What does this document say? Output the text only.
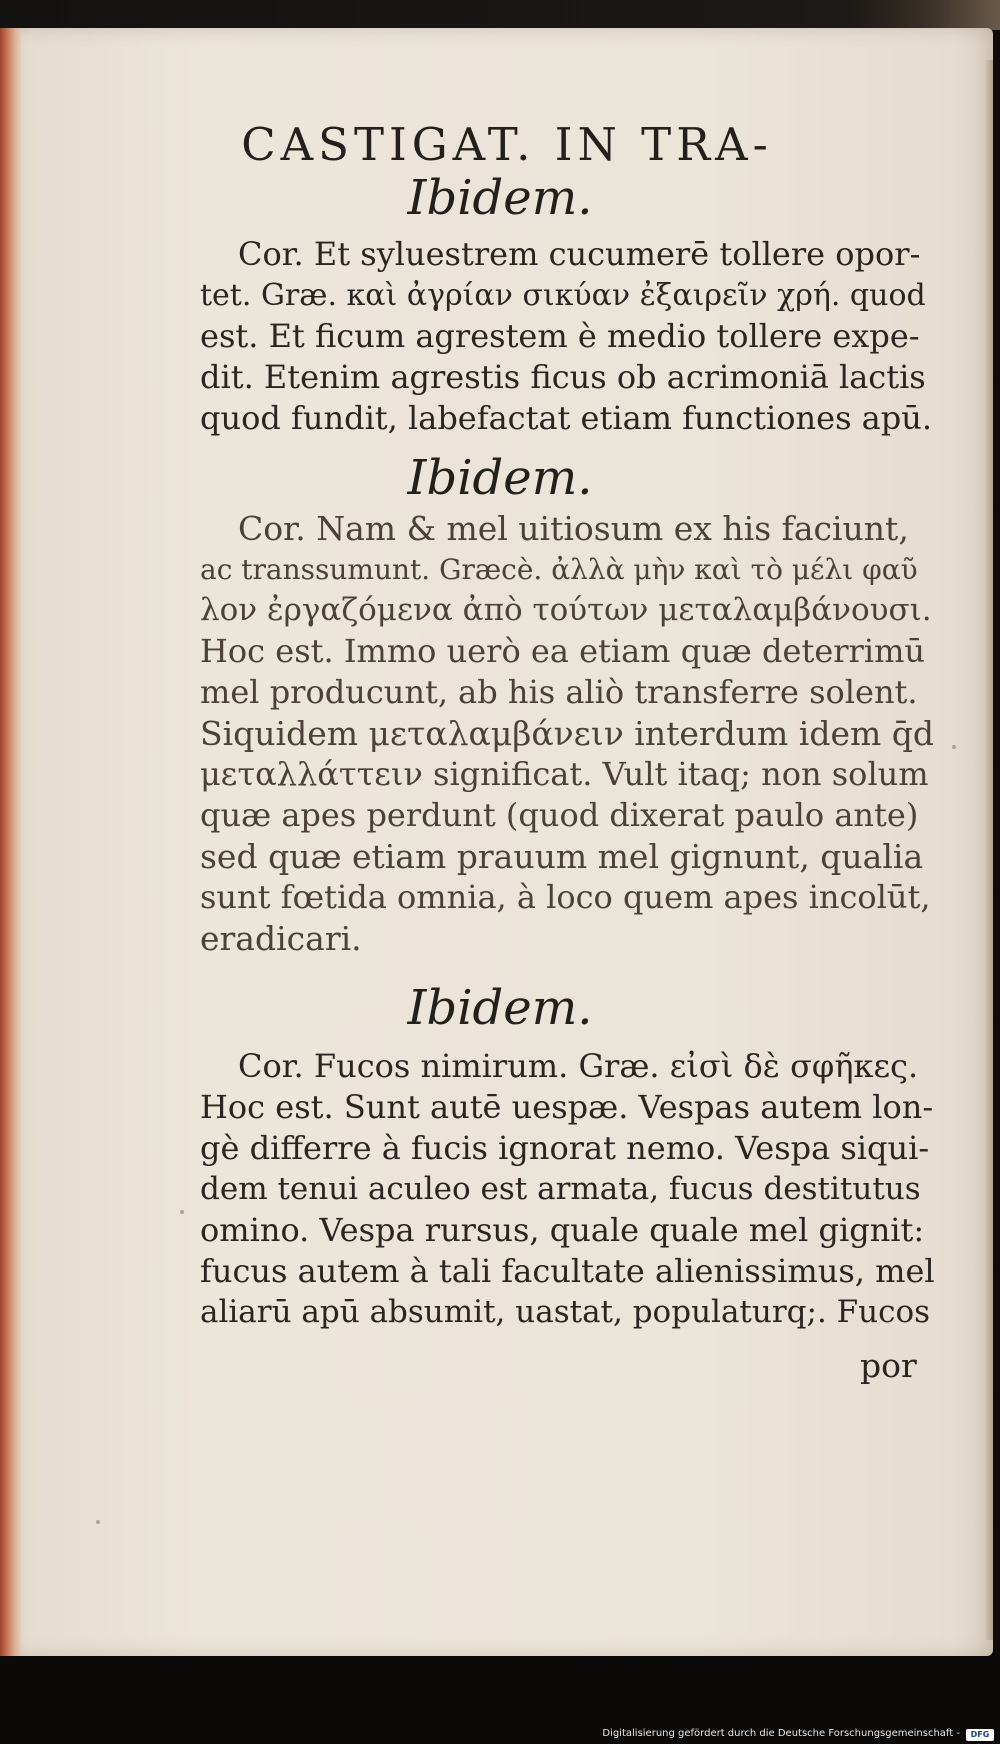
CASTIGAT. IN TRA-
Ibidem.

Cor. Et syluestrem cucumerē tollere opor-
tet. Græ. καὶ ἀγρίαν σικύαν ἐξαιρεῖν χρή. quod
est. Et ficum agrestem è medio tollere expe-
dit. Etenim agrestis ficus ob acrimoniā lactis
quod fundit, labefactat etiam functiones apū.

Ibidem.

Cor. Nam & mel uitiosum ex his faciunt,
ac transsumunt. Græcè. ἀλλὰ μὴν καὶ τὸ μέλι φαῦ
λον ἐργαζόμενα ἀπὸ τούτων μεταλαμβάνουσι.
Hoc est. Immo uerò ea etiam quæ deterrimū
mel producunt, ab his aliò transferre solent.
Siquidem μεταλαμβάνειν interdum idem q̄d
μεταλλάττειν significat. Vult itaq; non solum
quæ apes perdunt (quod dixerat paulo ante)
sed quæ etiam prauum mel gignunt, qualia
sunt fœtida omnia, à loco quem apes incolūt,
eradicari.

Ibidem.

Cor. Fucos nimirum. Græ. εἰσὶ δὲ σφῆκες.
Hoc est. Sunt autē uespæ. Vespas autem lon-
gè differre à fucis ignorat nemo. Vespa siqui-
dem tenui aculeo est armata, fucus destitutus
omino. Vespa rursus, quale quale mel gignit:
fucus autem à tali facultate alienissimus, mel
aliarū apū absumit, uastat, populaturq;. Fucos

por
Digitalisierung gefördert durch die Deutsche Forschungsgemeinschaft -	DFG
